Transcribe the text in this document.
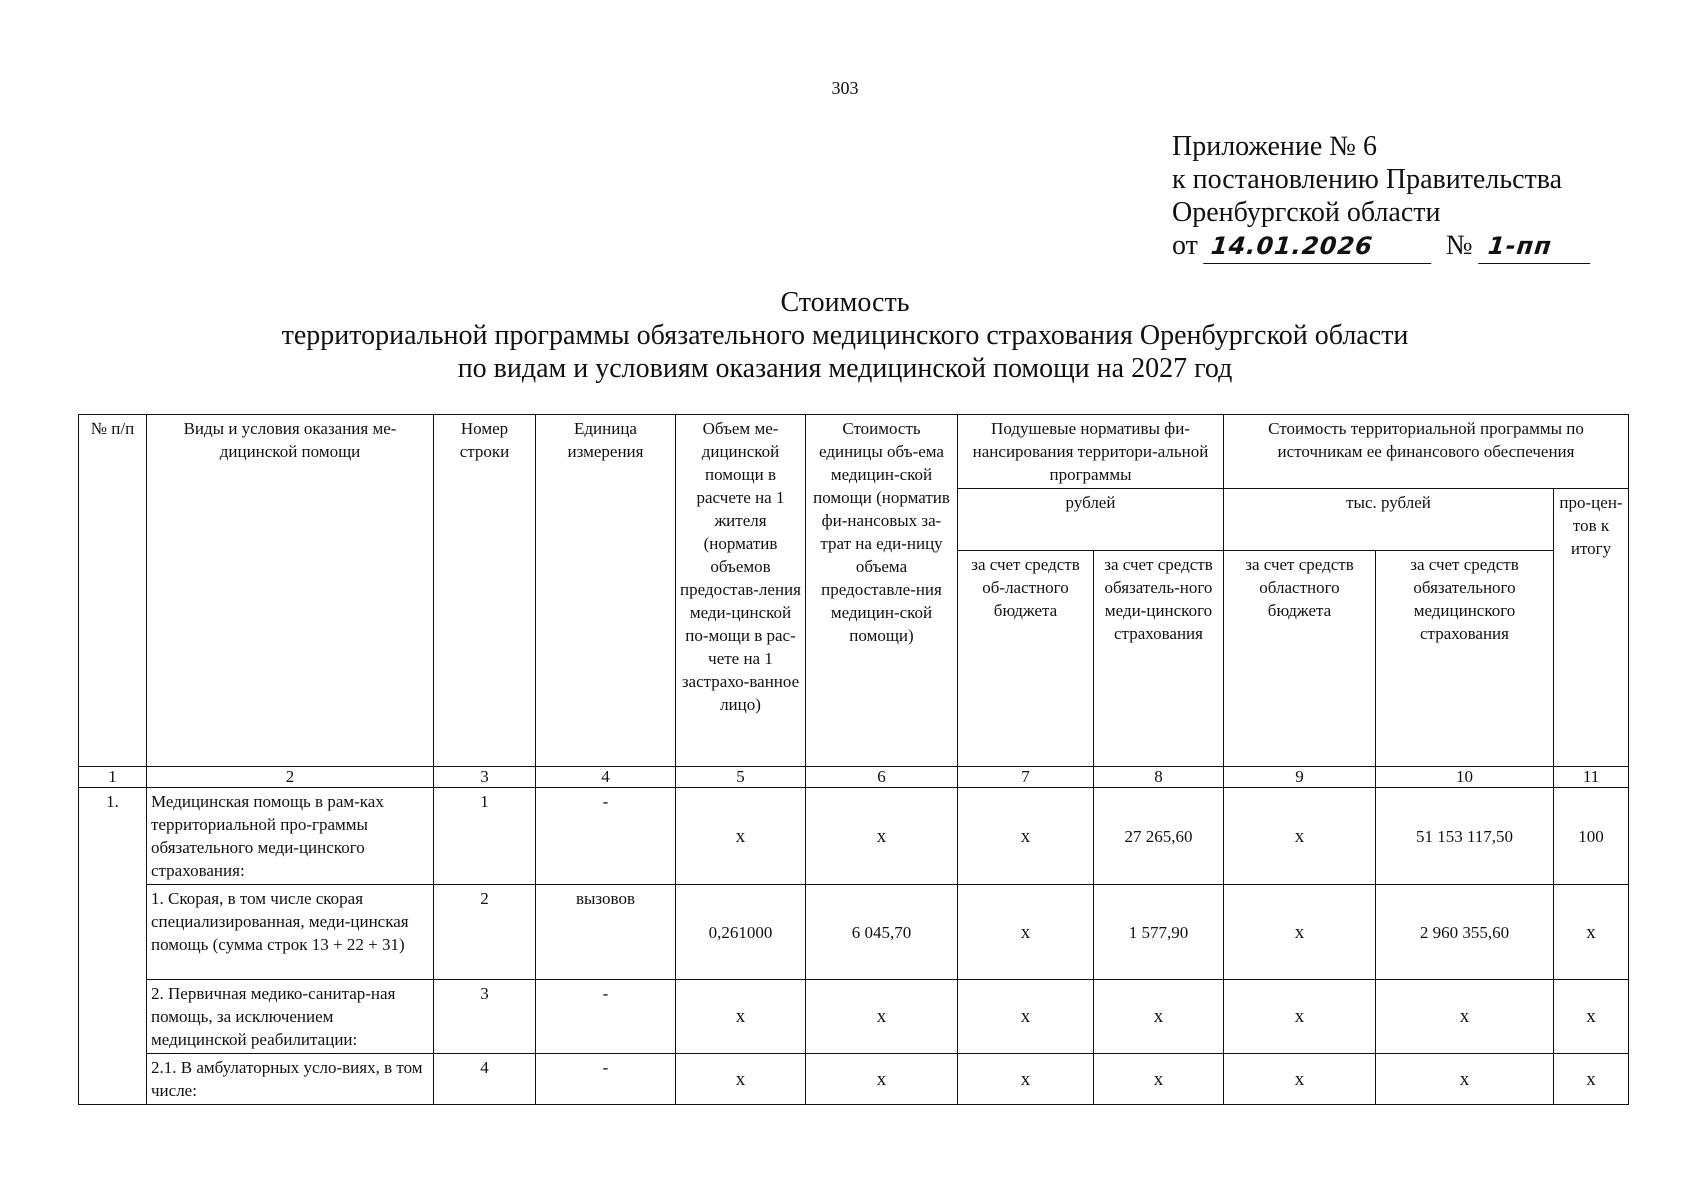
303
Приложение № 6
к постановлению Правительства
Оренбургской области
от 14.01.2026	№ 1-пп
Стоимость
территориальной программы обязательного медицинского страхования Оренбургской области
по видам и условиям оказания медицинской помощи на 2027 год
№ п/п	Виды и условия оказания ме-дицинской помощи	Номер строки	Единица измерения	Объем ме-дицинской помощи в расчете на 1 жителя (норматив объемов предостав-ления меди-цинской по-мощи в рас-чете на 1 застрахо-ванное лицо)	Стоимость единицы объ-ема медицин-ской помощи (норматив фи-нансовых за-трат на еди-ницу объема предоставле-ния медицин-ской помощи)	Подушевые нормативы фи-нансирования территори-альной программы		Стоимость территориальной программы по источникам ее финансового обеспечения		
						рублей		тыс. рублей		про-цен-тов к итогу
						за счет средств об-ластного бюджета	за счет средств обязатель-ного меди-цинского страхования	за счет средств областного бюджета	за счет средств обязательного медицинского страхования	
1	2	3	4	5	6	7	8	9	10	11
1.	Медицинская помощь в рам-ках территориальной про-граммы обязательного меди-цинского страхования:	1	-	х	х	х	27 265,60	х	51 153 117,50	100
	1. Скорая, в том числе скорая специализированная, меди-цинская помощь (сумма строк 13 + 22 + 31)	2	вызовов	0,261000	6 045,70	х	1 577,90	х	2 960 355,60	х
	2. Первичная медико-санитар-ная помощь, за исключением медицинской реабилитации:	3	-	х	х	х	х	х	х	х
	2.1. В амбулаторных усло-виях, в том числе:	4	-	х	х	х	х	х	х	х
